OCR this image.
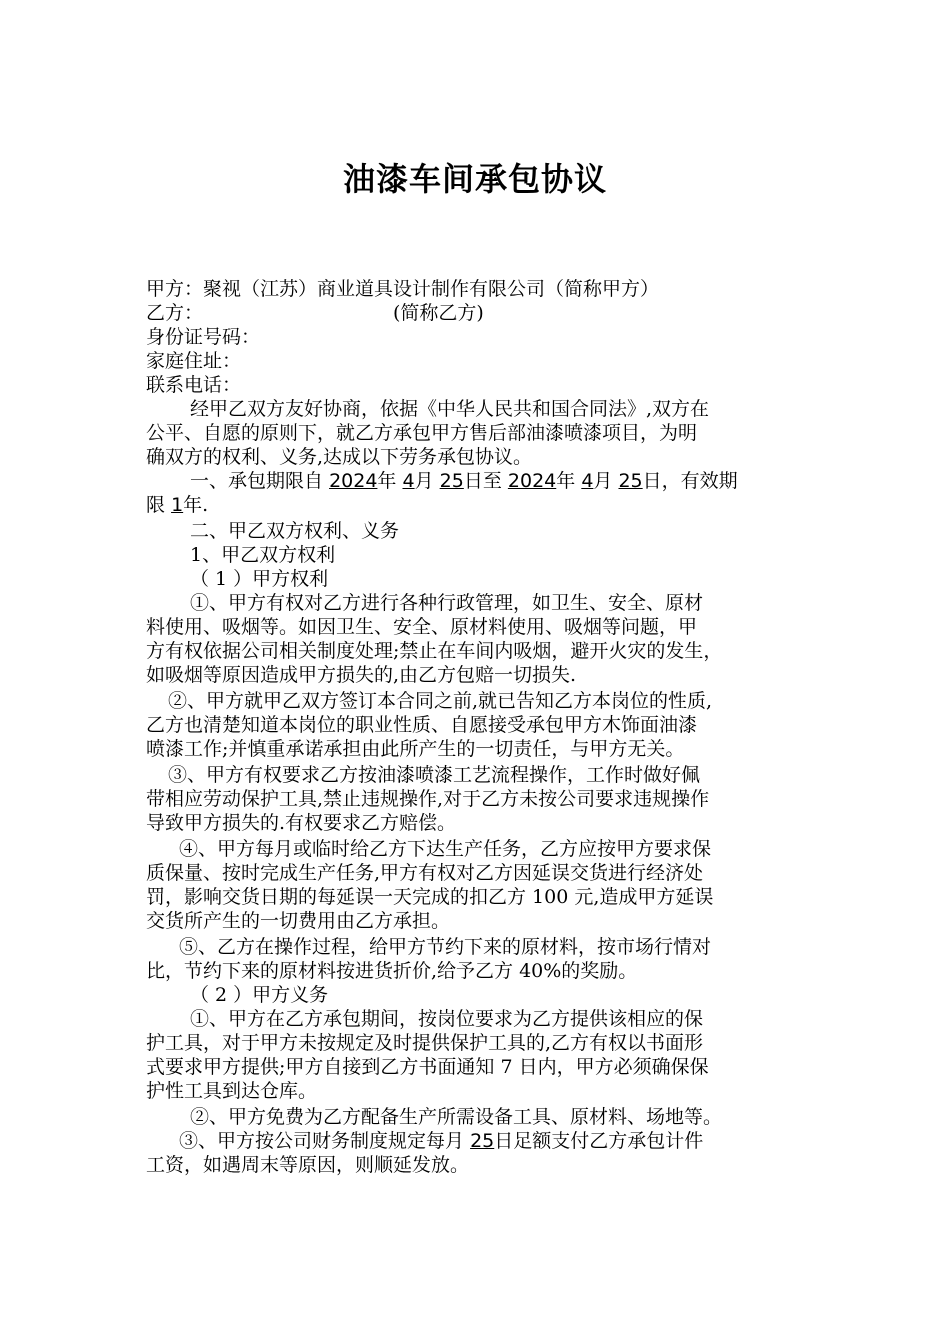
油漆车间承包协议
甲方：聚视（江苏）商业道具设计制作有限公司（简称甲方）
乙方：	(简称乙方)
身份证号码：
家庭住址：
联系电话：
经甲乙双方友好协商，依据《中华人民共和国合同法》,双方在
公平、自愿的原则下，就乙方承包甲方售后部油漆喷漆项目，为明
确双方的权利、义务,达成以下劳务承包协议。
一、承包期限自 2024年 4月 25日至 2024年 4月 25日，有效期
限 1年.
二、甲乙双方权利、义务
1、甲乙双方权利
（ 1 ）甲方权利
①、甲方有权对乙方进行各种行政管理，如卫生、安全、原材
料使用、吸烟等。如因卫生、安全、原材料使用、吸烟等问题，甲
方有权依据公司相关制度处理;禁止在车间内吸烟，避开火灾的发生，
如吸烟等原因造成甲方损失的,由乙方包赔一切损失.
②、甲方就甲乙双方签订本合同之前,就已告知乙方本岗位的性质,
乙方也清楚知道本岗位的职业性质、自愿接受承包甲方木饰面油漆
喷漆工作;并慎重承诺承担由此所产生的一切责任，与甲方无关。
③、甲方有权要求乙方按油漆喷漆工艺流程操作，工作时做好佩
带相应劳动保护工具,禁止违规操作,对于乙方未按公司要求违规操作
导致甲方损失的.有权要求乙方赔偿。
④、甲方每月或临时给乙方下达生产任务，乙方应按甲方要求保
质保量、按时完成生产任务,甲方有权对乙方因延误交货进行经济处
罚，影响交货日期的每延误一天完成的扣乙方 100 元,造成甲方延误
交货所产生的一切费用由乙方承担。
⑤、乙方在操作过程，给甲方节约下来的原材料，按市场行情对
比，节约下来的原材料按进货折价,给予乙方 40%的奖励。
（ 2 ）甲方义务
①、甲方在乙方承包期间，按岗位要求为乙方提供该相应的保
护工具，对于甲方未按规定及时提供保护工具的,乙方有权以书面形
式要求甲方提供;甲方自接到乙方书面通知 7 日内，甲方必须确保保
护性工具到达仓库。
②、甲方免费为乙方配备生产所需设备工具、原材料、场地等。
③、甲方按公司财务制度规定每月 25日足额支付乙方承包计件
工资，如遇周末等原因，则顺延发放。
